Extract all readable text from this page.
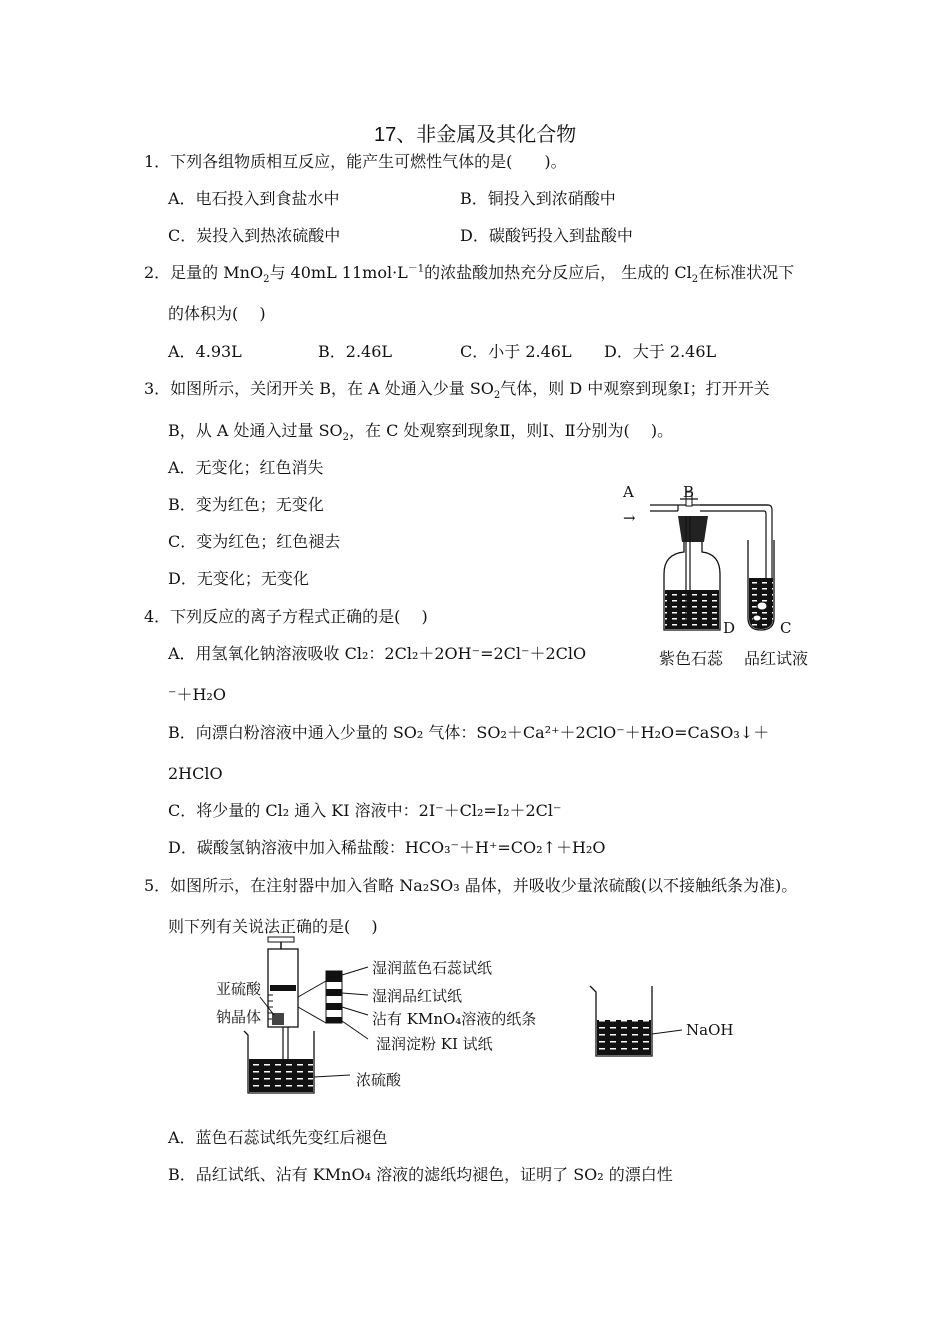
17、非金属及其化合物
1．下列各组物质相互反应，能产生可燃性气体的是(　　)。
A．电石投入到食盐水中	B．铜投入到浓硝酸中
C．炭投入到热浓硫酸中	D．碳酸钙投入到盐酸中
2．足量的 MnO$_2$与 40mL $11mol\cdot L^{-1}$的浓盐酸加热充分反应后， 生成的 $Cl_2$在标准状况下
的体积为(　 )
A．4.93L	B．2.46L	C．小于 2.46L D．大于 2.46L
3．如图所示，关闭开关 B，在 A 处通入少量 $SO_2$气体，则 D 中观察到现象Ⅰ；打开开关
B，从 A 处通入过量 $SO_2$，在 C 处观察到现象Ⅱ，则Ⅰ、Ⅱ分别为(　 )。
A．无变化；红色消失
B．变为红色；无变化
C．变为红色；红色褪去
D．无变化；无变化
A	B
→
D	C
紫色石蕊 品红试液
4．下列反应的离子方程式正确的是(　 )
A．用氢氧化钠溶液吸收 Cl₂：2Cl₂＋2OH⁻=2Cl⁻＋2ClO
⁻＋H₂O
B．向漂白粉溶液中通入少量的 SO₂ 气体：SO₂＋Ca²⁺＋2ClO⁻＋H₂O=CaSO₃↓＋
2HClO
C．将少量的 Cl₂ 通入 KI 溶液中：2I⁻＋Cl₂=I₂＋2Cl⁻
D．碳酸氢钠溶液中加入稀盐酸：HCO₃⁻＋H⁺=CO₂↑＋H₂O
5．如图所示，在注射器中加入省略 Na₂SO₃ 晶体，并吸收少量浓硫酸(以不接触纸条为准)。
则下列有关说法正确的是(　 )
亚硫酸
钠晶体
湿润蓝色石蕊试纸
湿润品红试纸
沾有 KMnO₄溶液的纸条
湿润淀粉 KI 试纸
浓硫酸
NaOH
A．蓝色石蕊试纸先变红后褪色
B．品红试纸、沾有 KMnO₄ 溶液的滤纸均褪色，证明了 SO₂ 的漂白性
